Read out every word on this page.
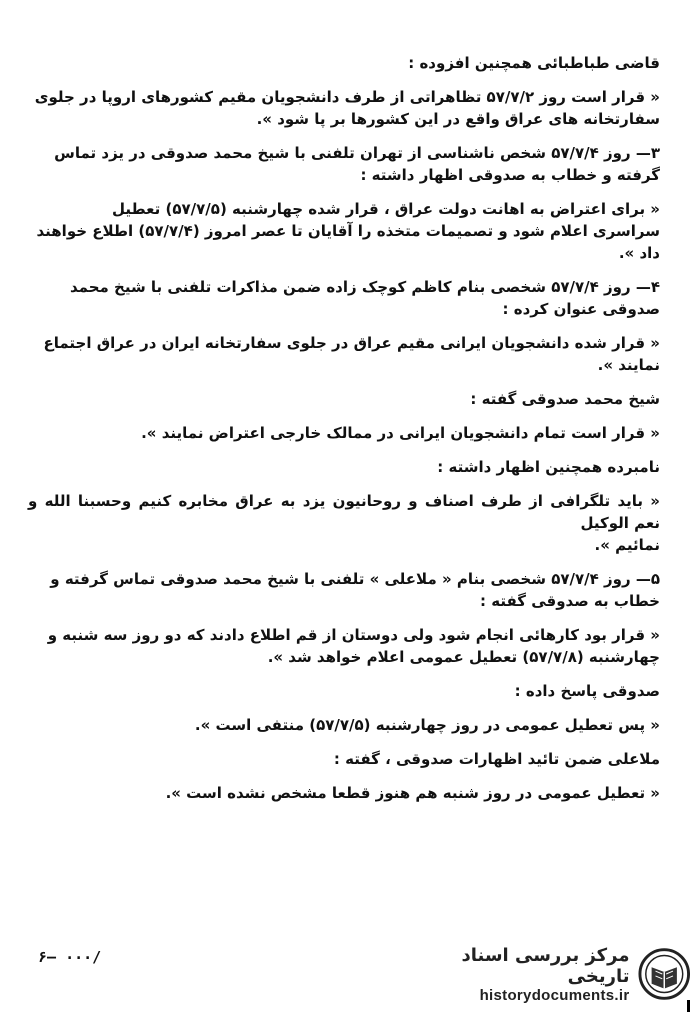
قاضی طباطبائی همچنین افزوده :

« قرار است روز ۵۷/۷/۲ تظاهراتی از طرف دانشجویان مقیم کشورهای اروپا در جلوی

سفارتخانه های عراق واقع در این کشورها بر پا شود ».

۳— روز ۵۷/۷/۴ شخص ناشناسی از تهران تلفنی با شیخ محمد صدوقی در یزد تماس

گرفته و خطاب به صدوقی اظهار داشته :

« برای اعتراض به اهانت دولت عراق ، قرار شده چهارشنبه (۵۷/۷/۵) تعطیل

سراسری اعلام شود و تصمیمات متخذه را آقایان تا عصر امروز (۵۷/۷/۴) اطلاع خواهند

داد ».

۴— روز ۵۷/۷/۴ شخصی بنام کاظم کوچک زاده ضمن مذاکرات تلفنی با شیخ محمد

صدوقی عنوان کرده :

« قرار شده دانشجویان ایرانی مقیم عراق در جلوی سفارتخانه ایران در عراق اجتماع

نمایند ».

شیخ محمد صدوقی گفته :

« قرار است تمام دانشجویان ایرانی در ممالک خارجی اعتراض نمایند ».

نامبرده همچنین اظهار داشته :

« باید تلگرافی از طرف اصناف و روحانیون یزد به عراق مخابره کنیم وحسبنا الله و نعم الوکیل

نمائیم ».

۵— روز ۵۷/۷/۴ شخصی بنام « ملاعلی » تلفنی با شیخ محمد صدوقی تماس گرفته و

خطاب به صدوقی گفته :

« قرار بود کارهائی انجام شود ولی دوستان از قم اطلاع دادند که دو روز سه شنبه و

چهارشنبه (۵۷/۷/۸) تعطیل عمومی اعلام خواهد شد ».

صدوقی پاسخ داده :

« پس تعطیل عمومی در روز چهارشنبه (۵۷/۷/۵) منتفی است ».

ملاعلی ضمن تائید اظهارات صدوقی ، گفته :

« تعطیل عمومی در روز شنبه هم هنوز قطعا مشخص نشده است ».

۶— ۰۰۰/	مرکز بررسی اسناد تاریخی
historydocuments.ir
